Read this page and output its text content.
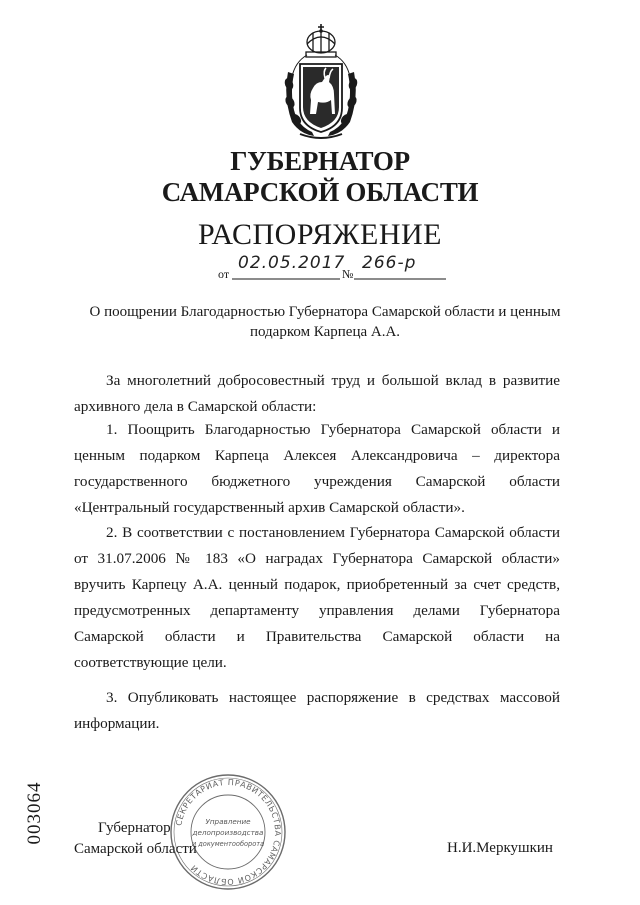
ГУБЕРНАТОР
САМАРСКОЙ ОБЛАСТИ
РАСПОРЯЖЕНИЕ
от
02.05.2017
№
266-р
О поощрении Благодарностью Губернатора Самарской области и ценным
подарком Карпеца А.А.
За многолетний добросовестный труд и большой вклад в развитие
архивного дела в Самарской области:
1. Поощрить Благодарностью Губернатора Самарской области и
ценным подарком Карпеца Алексея Александровича – директора
государственного бюджетного учреждения Самарской области
«Центральный государственный архив Самарской области».
2. В соответствии с постановлением Губернатора Самарской области
от 31.07.2006 № 183 «О наградах Губернатора Самарской области»
вручить Карпецу А.А. ценный подарок, приобретенный за счет средств,
предусмотренных департаменту управления делами Губернатора
Самарской области и Правительства Самарской области на
соответствующие цели.
3. Опубликовать настоящее распоряжение в средствах массовой
информации.
003064	Губернатор
Самарской области	Н.И.Меркушкин
СЕКРЕТАРИАТ ПРАВИТЕЛЬСТВА САМАРСКОЙ ОБЛАСТИ
Управление
делопроизводства
и документооборота
